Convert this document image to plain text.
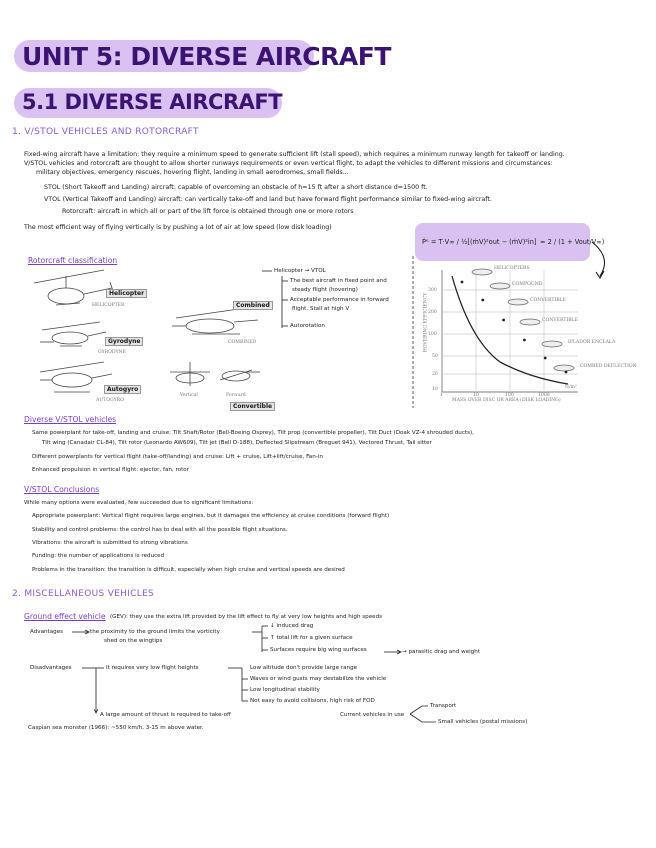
UNIT 5: DIVERSE AIRCRAFT
5.1 DIVERSE AIRCRAFT
1. V/STOL VEHICLES AND ROTORCRAFT
Fixed-wing aircraft have a limitation: they require a minimum speed to generate sufficient lift (stall speed), which requires a minimum runway length for takeoff or landing.
V/STOL vehicles and rotorcraft are thought to allow shorter runways requirements or even vertical flight, to adapt the vehicles to different missions and circumstances:
military objectives, emergency rescues, hovering flight, landing in small aerodromes, small fields...
STOL (Short Takeoff and Landing) aircraft: capable of overcoming an obstacle of h=15 ft after a short distance d=1500 ft.
VTOL (Vertical Takeoff and Landing) aircraft: can vertically take-off and land but have forward flight performance similar to fixed-wing aircraft.
Rotorcraft: aircraft in which all or part of the lift force is obtained through one or more rotors
The most efficient way of flying vertically is by pushing a lot of air at low speed (low disk loading)
Ṗᵉ = T·V∞ / ½[(ṁV)²out − (ṁV)²in] ≈ 2 / (1 + Vout/V∞)
Rotorcraft classification
Helicopter
Combined
Gyrodyne
Autogyro
Convertible
HELICOPTER
COMBINED
GYRODYNE
AUTOGYRO
Vertical	Forward
Helicopter → VTOL
The best aircraft in fixed point and
steady flight (hovering)
Acceptable performance in forward
flight. Stall at high V
Autorotation	HOVERING EFFICIENCY
MASS OVER DISC OR AREA (DISK LOADING)
1	10	100	1000
N/m²
300
200
100
50
20
10
HELICOPTERS
COMPOUND
CONVERTIBLE
CONVERTIBLE
IPLADOR ENCLALA
COMBED DEFLECTION
Diverse V/STOL vehicles
Same powerplant for take-off, landing and cruise: Tilt Shaft/Rotor (Bell-Boeing Osprey), Tilt prop (convertible propeller), Tilt Duct (Doak VZ-4 shrouded ducts),
Tilt wing (Canadair CL-84), Tilt rotor (Leonardo AW609), Tilt jet (Bell D-188), Deflected Slipstream (Breguet 941), Vectored Thrust, Tail sitter
Different powerplants for vertical flight (take-off/landing) and cruise: Lift + cruise, Lift+lift/cruise, Fan-in
Enhanced propulsion in vertical flight: ejector, fan, rotor
V/STOL Conclusions
While many options were evaluated, few succeeded due to significant limitations:
Appropriate powerplant: Vertical flight requires large engines, but it damages the efficiency at cruise conditions (forward flight)
Stability and control problems: the control has to deal with all the possible flight situations.
Vibrations: the aircraft is submitted to strong vibrations
Funding: the number of applications is reduced
Problems in the transition: the transition is difficult, especially when high cruise and vertical speeds are desired
2. MISCELLANEOUS VEHICLES
Ground effect vehicle (GEV): they use the extra lift provided by the lift effect to fly at very low heights and high speeds
Advantages	the proximity to the ground limits the vorticity
shed on the wingtips
↓ induced drag
↑ total lift for a given surface
Surfaces require big wing surfaces	→ parasitic drag and weight
Disadvantages	It requires very low flight heights	Low altitude don't provide large range
Waves or wind gusts may destabilize the vehicle
Low longitudinal stability
Not easy to avoid collisions, high risk of FOD
A large amount of thrust is required to take-off
Caspian sea monster (1966): ~550 km/h, 3-15 m above water.
Current vehicles in use
Transport
Small vehicles (postal missions)
